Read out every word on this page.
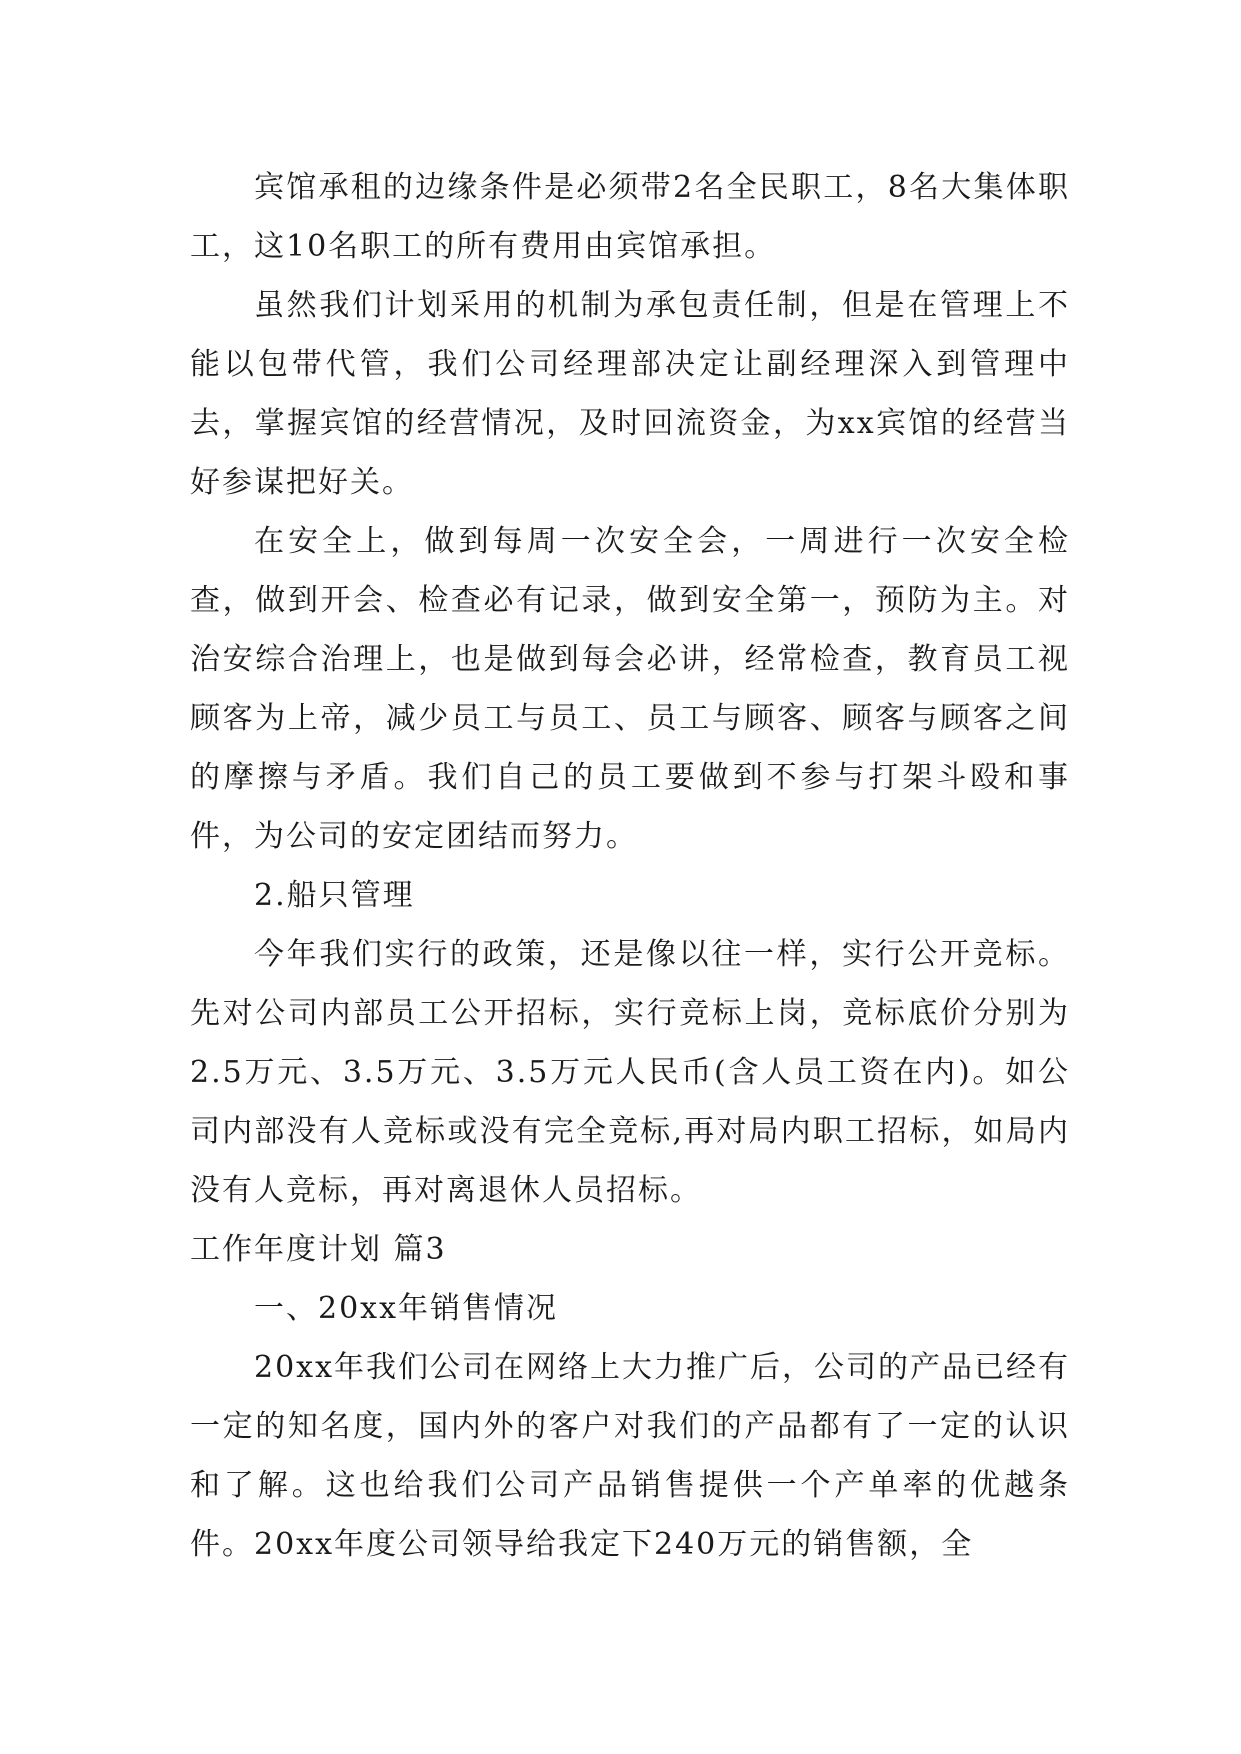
宾馆承租的边缘条件是必须带2名全民职工，8名大集体职工，这10名职工的所有费用由宾馆承担。

虽然我们计划采用的机制为承包责任制，但是在管理上不能以包带代管，我们公司经理部决定让副经理深入到管理中去，掌握宾馆的经营情况，及时回流资金，为xx宾馆的经营当好参谋把好关。

在安全上，做到每周一次安全会，一周进行一次安全检查，做到开会、检查必有记录，做到安全第一，预防为主。对治安综合治理上，也是做到每会必讲，经常检查，教育员工视顾客为上帝，减少员工与员工、员工与顾客、顾客与顾客之间的摩擦与矛盾。我们自己的员工要做到不参与打架斗殴和事件，为公司的安定团结而努力。

2.船只管理

今年我们实行的政策，还是像以往一样，实行公开竞标。先对公司内部员工公开招标，实行竞标上岗，竞标底价分别为2.5万元、3.5万元、3.5万元人民币(含人员工资在内)。如公司内部没有人竞标或没有完全竞标,再对局内职工招标，如局内没有人竞标，再对离退休人员招标。

工作年度计划 篇3

一、20xx年销售情况

20xx年我们公司在网络上大力推广后，公司的产品已经有一定的知名度，国内外的客户对我们的产品都有了一定的认识和了解。这也给我们公司产品销售提供一个产单率的优越条件。20xx年度公司领导给我定下240万元的销售额，全
